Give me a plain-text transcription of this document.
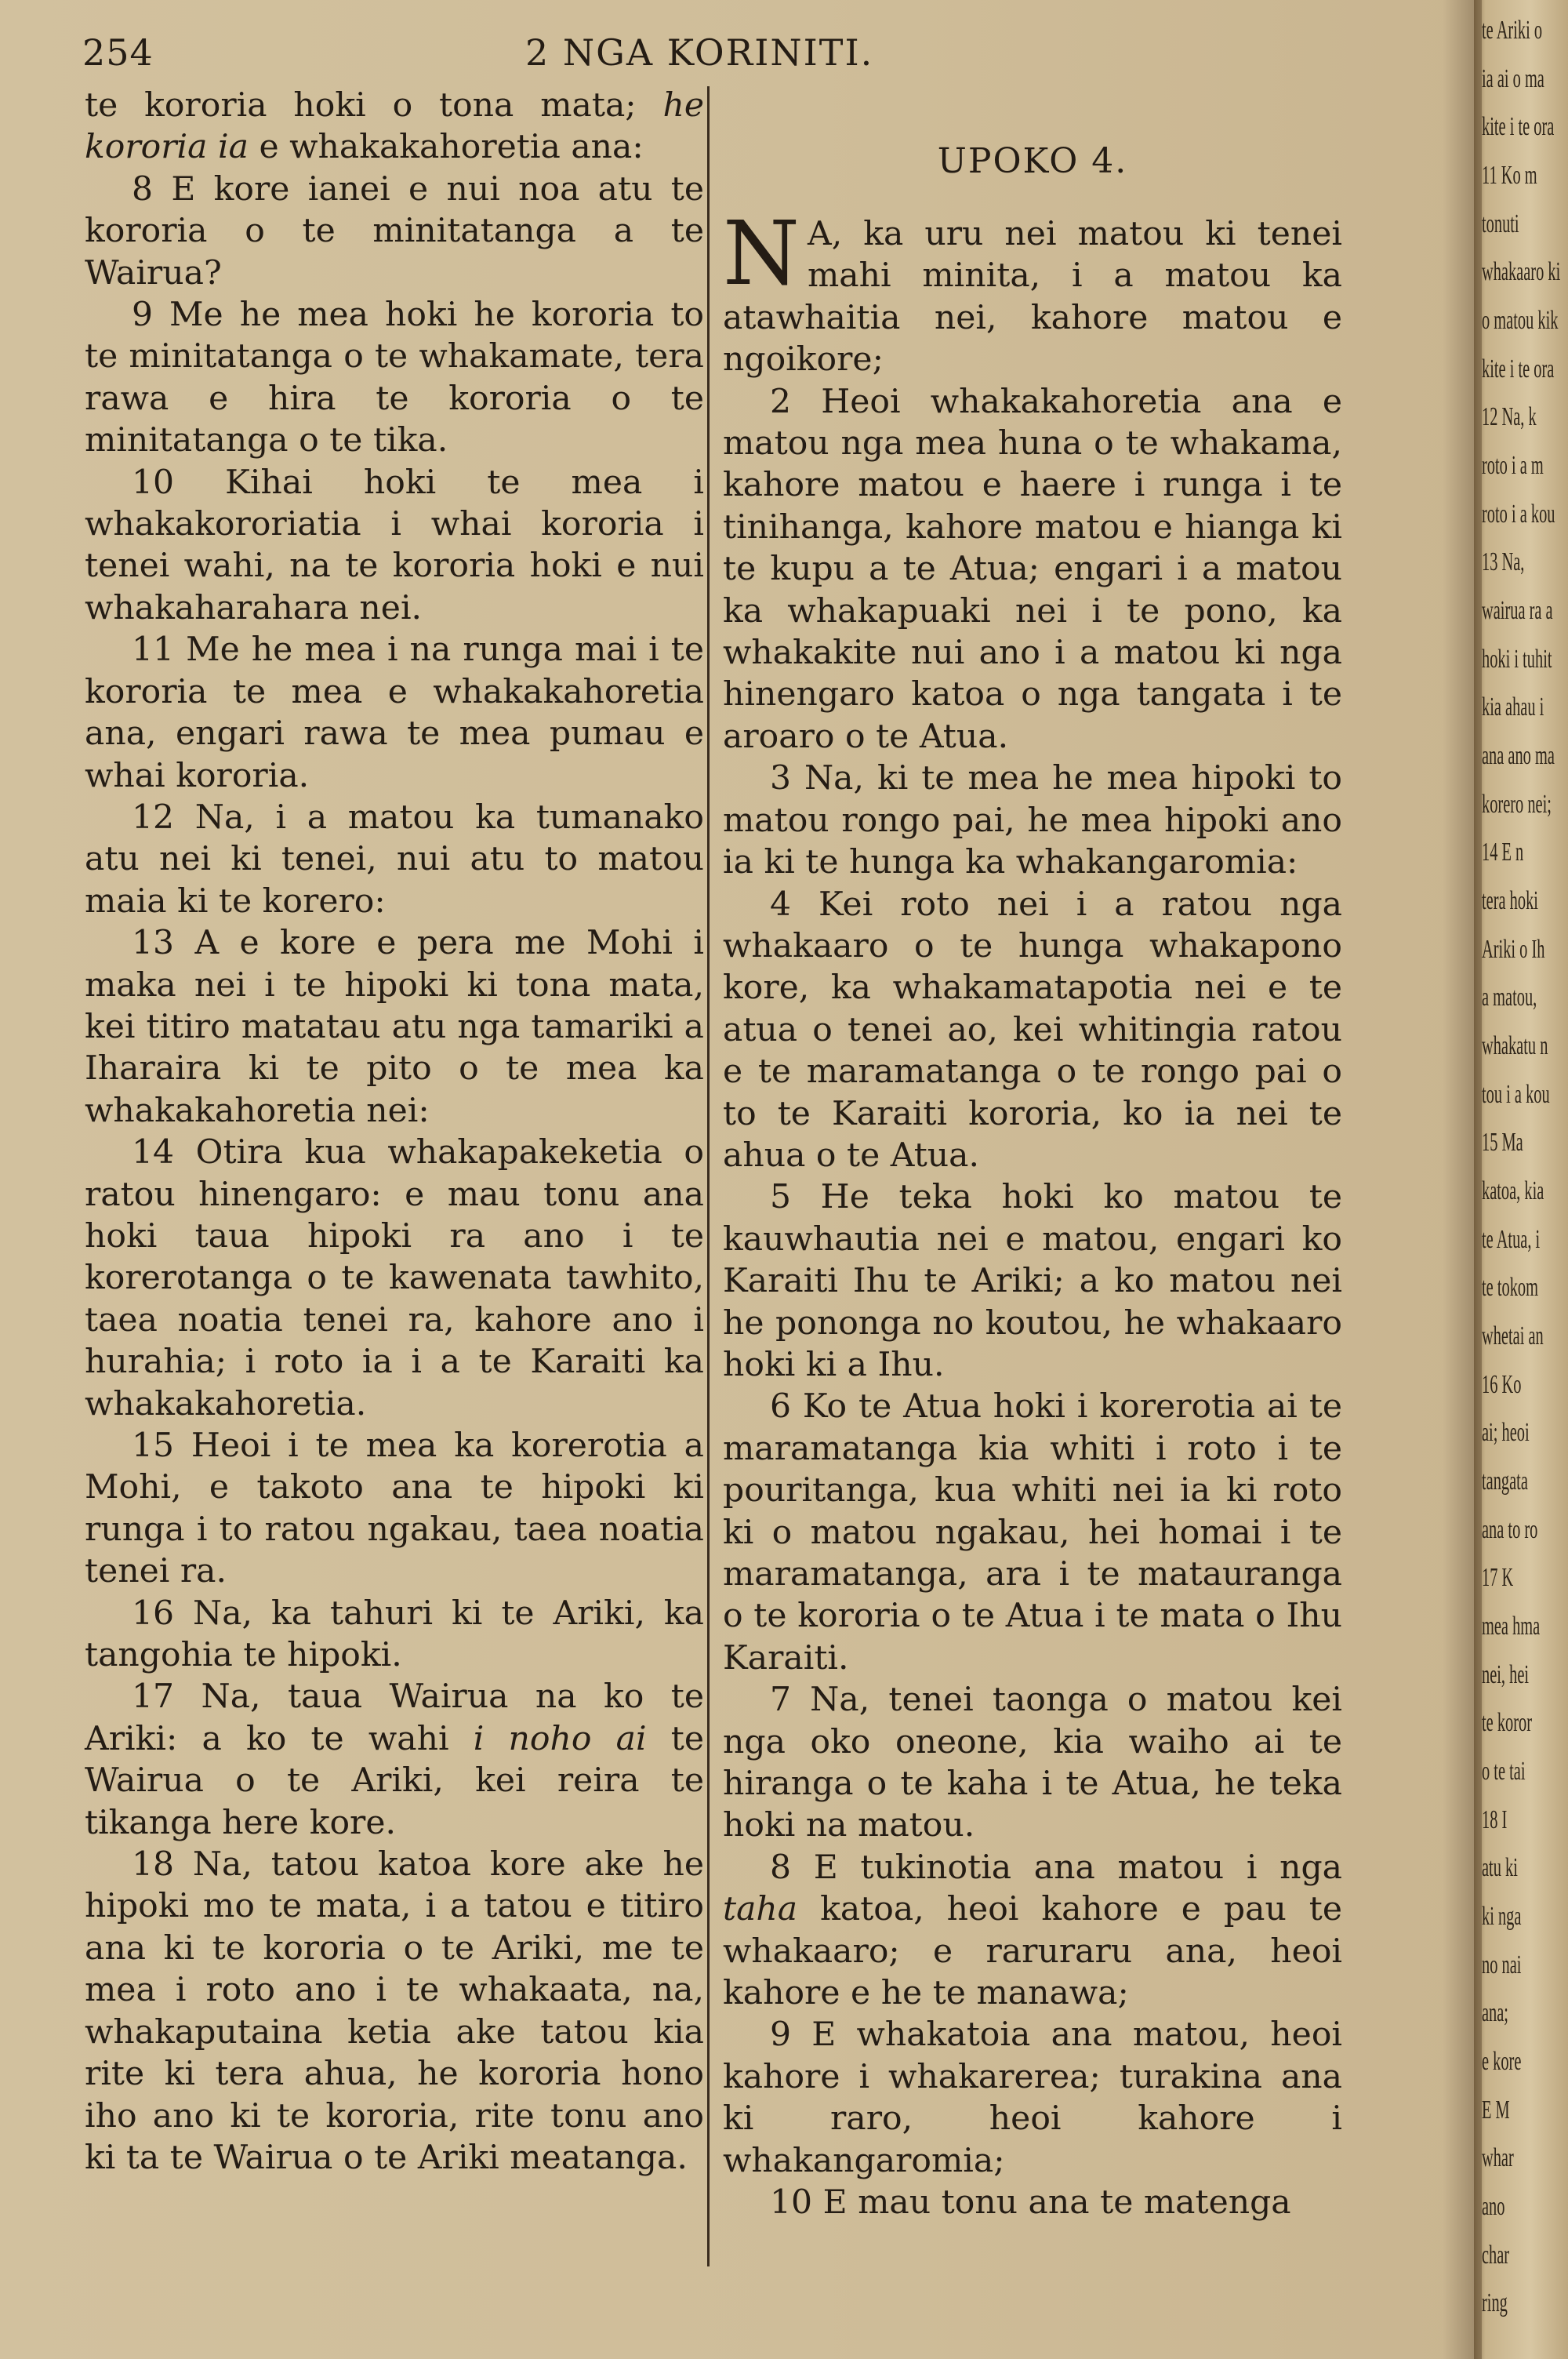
te Ariki o
ia ai o ma
kite i te ora
11 Ko m
tonuti
whakaaro ki
o matou kik
kite i te ora
12 Na, k
roto i a m
roto i a kou
13 Na,
wairua ra a
hoki i tuhit
kia ahau i
ana ano ma
korero nei;
14 E n
tera hoki
Ariki o Ih
a matou,
whakatu n
tou i a kou
15 Ma
katoa, kia
te Atua, i
te tokom
whetai an
16 Ko
ai; heoi
tangata
ana to ro
17 K
mea hma
nei, hei
te koror
o te tai
18 I
atu ki
ki nga
no nai
ana;
e kore
E M
whar
ano
char
ring
254	2 NGA KORINITI.

te kororia hoki o tona mata; he kororia ia e whakakahoretia ana:

8 E kore ianei e nui noa atu te kororia o te minitatanga a te Wairua?

9 Me he mea hoki he kororia to te minitatanga o te whakamate, tera rawa e hira te kororia o te minitatanga o te tika.

10 Kihai hoki te mea i whakakororiatia i whai kororia i tenei wahi, na te kororia hoki e nui whakaharahara nei.

11 Me he mea i na runga mai i te kororia te mea e whakakahoretia ana, engari rawa te mea pumau e whai kororia.

12 Na, i a matou ka tumanako atu nei ki tenei, nui atu to matou maia ki te korero:

13 A e kore e pera me Mohi i maka nei i te hipoki ki tona mata, kei titiro matatau atu nga tamariki a Iharaira ki te pito o te mea ka whakakahoretia nei:

14 Otira kua whakapakeketia o ratou hinengaro: e mau tonu ana hoki taua hipoki ra ano i te korerotanga o te kawenata tawhito, taea noatia tenei ra, kahore ano i hurahia; i roto ia i a te Karaiti ka whakakahoretia.

15 Heoi i te mea ka korerotia a Mohi, e takoto ana te hipoki ki runga i to ratou ngakau, taea noatia tenei ra.

16 Na, ka tahuri ki te Ariki, ka tangohia te hipoki.

17 Na, taua Wairua na ko te Ariki: a ko te wahi i noho ai te Wairua o te Ariki, kei reira te tikanga here kore.

18 Na, tatou katoa kore ake he hipoki mo te mata, i a tatou e titiro ana ki te kororia o te Ariki, me te mea i roto ano i te whakaata, na, whakaputaina ketia ake tatou kia rite ki tera ahua, he kororia hono iho ano ki te kororia, rite tonu ano ki ta te Wairua o te Ariki meatanga.

UPOKO 4.

N A, ka uru nei matou ki tenei mahi minita, i a matou ka atawhaitia nei, kahore matou e ngoikore;

2 Heoi whakakahoretia ana e matou nga mea huna o te whakama, kahore matou e haere i runga i te tinihanga, kahore matou e hianga ki te kupu a te Atua; engari i a matou ka whakapuaki nei i te pono, ka whakakite nui ano i a matou ki nga hinengaro katoa o nga tangata i te aroaro o te Atua.

3 Na, ki te mea he mea hipoki to matou rongo pai, he mea hipoki ano ia ki te hunga ka whakangaromia:

4 Kei roto nei i a ratou nga whakaaro o te hunga whakapono kore, ka whakamatapotia nei e te atua o tenei ao, kei whitingia ratou e te maramatanga o te rongo pai o to te Karaiti kororia, ko ia nei te ahua o te Atua.

5 He teka hoki ko matou te kauwhautia nei e matou, engari ko Karaiti Ihu te Ariki; a ko matou nei he pononga no koutou, he whakaaro hoki ki a Ihu.

6 Ko te Atua hoki i korerotia ai te maramatanga kia whiti i roto i te pouritanga, kua whiti nei ia ki roto ki o matou ngakau, hei homai i te maramatanga, ara i te matauranga o te kororia o te Atua i te mata o Ihu Karaiti.

7 Na, tenei taonga o matou kei nga oko oneone, kia waiho ai te hiranga o te kaha i te Atua, he teka hoki na matou.

8 E tukinotia ana matou i nga taha katoa, heoi kahore e pau te whakaaro; e raruraru ana, heoi kahore e he te manawa;

9 E whakatoia ana matou, heoi kahore i whakarerea; turakina ana ki raro, heoi kahore i whakangaromia;

10 E mau tonu ana te matenga
